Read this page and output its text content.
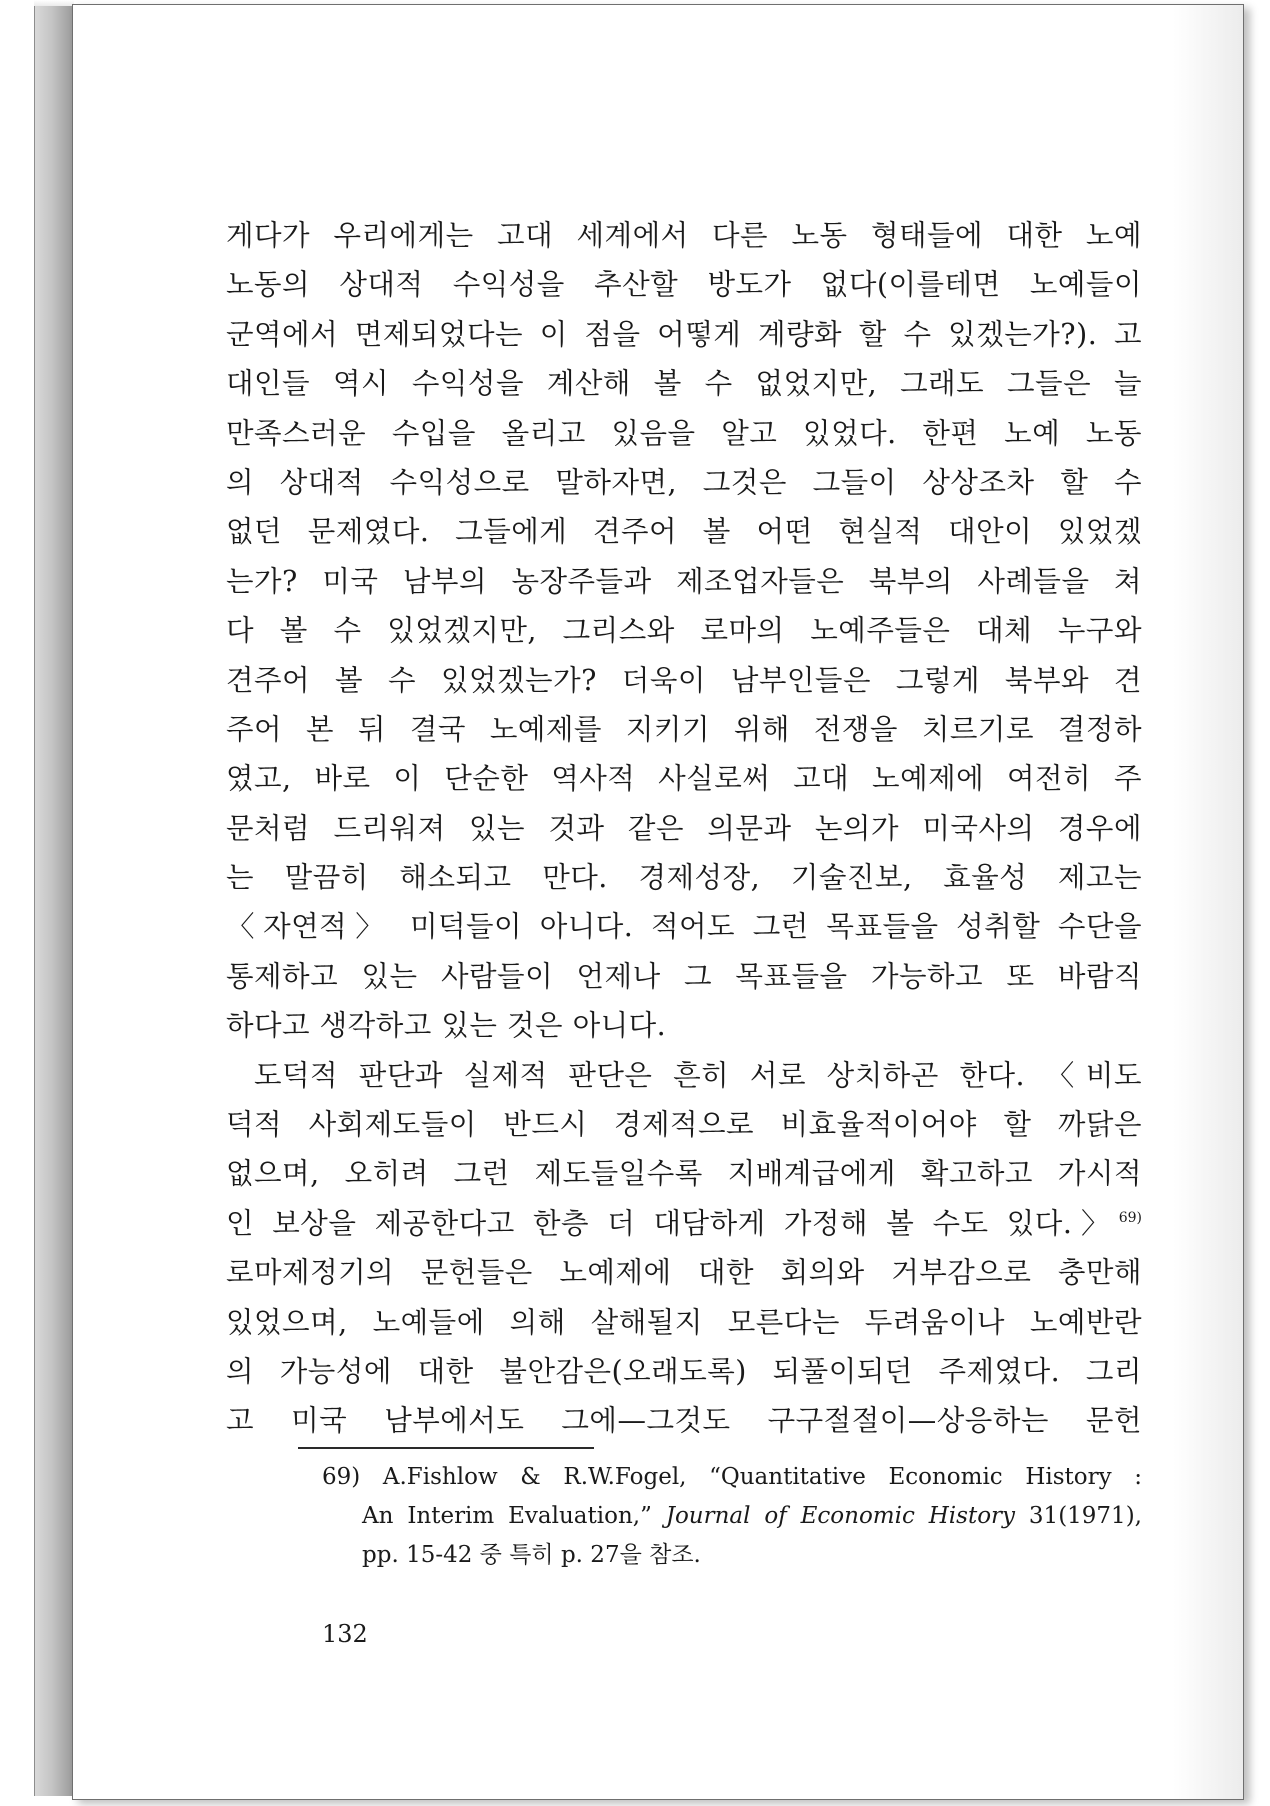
게다가 우리에게는 고대 세계에서 다른 노동 형태들에 대한 노예
노동의 상대적 수익성을 추산할 방도가 없다(이를테면 노예들이
군역에서 면제되었다는 이 점을 어떻게 계량화 할 수 있겠는가?). 고
대인들 역시 수익성을 계산해 볼 수 없었지만, 그래도 그들은 늘
만족스러운 수입을 올리고 있음을 알고 있었다. 한편 노예 노동
의 상대적 수익성으로 말하자면, 그것은 그들이 상상조차 할 수
없던 문제였다. 그들에게 견주어 볼 어떤 현실적 대안이 있었겠
는가? 미국 남부의 농장주들과 제조업자들은 북부의 사례들을 쳐
다 볼 수 있었겠지만, 그리스와 로마의 노예주들은 대체 누구와
견주어 볼 수 있었겠는가? 더욱이 남부인들은 그렇게 북부와 견
주어 본 뒤 결국 노예제를 지키기 위해 전쟁을 치르기로 결정하
였고, 바로 이 단순한 역사적 사실로써 고대 노예제에 여전히 주
문처럼 드리워져 있는 것과 같은 의문과 논의가 미국사의 경우에
는 말끔히 해소되고 만다. 경제성장, 기술진보, 효율성 제고는
〈자연적〉 미덕들이 아니다. 적어도 그런 목표들을 성취할 수단을
통제하고 있는 사람들이 언제나 그 목표들을 가능하고 또 바람직
하다고 생각하고 있는 것은 아니다.
도덕적 판단과 실제적 판단은 흔히 서로 상치하곤 한다. 〈비도
덕적 사회제도들이 반드시 경제적으로 비효율적이어야 할 까닭은
없으며, 오히려 그런 제도들일수록 지배계급에게 확고하고 가시적
인 보상을 제공한다고 한층 더 대담하게 가정해 볼 수도 있다.〉$^{69)}$
로마제정기의 문헌들은 노예제에 대한 회의와 거부감으로 충만해
있었으며, 노예들에 의해 살해될지 모른다는 두려움이나 노예반란
의 가능성에 대한 불안감은(오래도록) 되풀이되던 주제였다. 그리
고 미국 남부에서도 그에—그것도 구구절절이—상응하는 문헌
69) A.Fishlow & R.W.Fogel, “Quantitative Economic History :
An Interim Evaluation,” Journal of Economic History 31(1971),
pp. 15-42 중 특히 p. 27을 참조.
132
